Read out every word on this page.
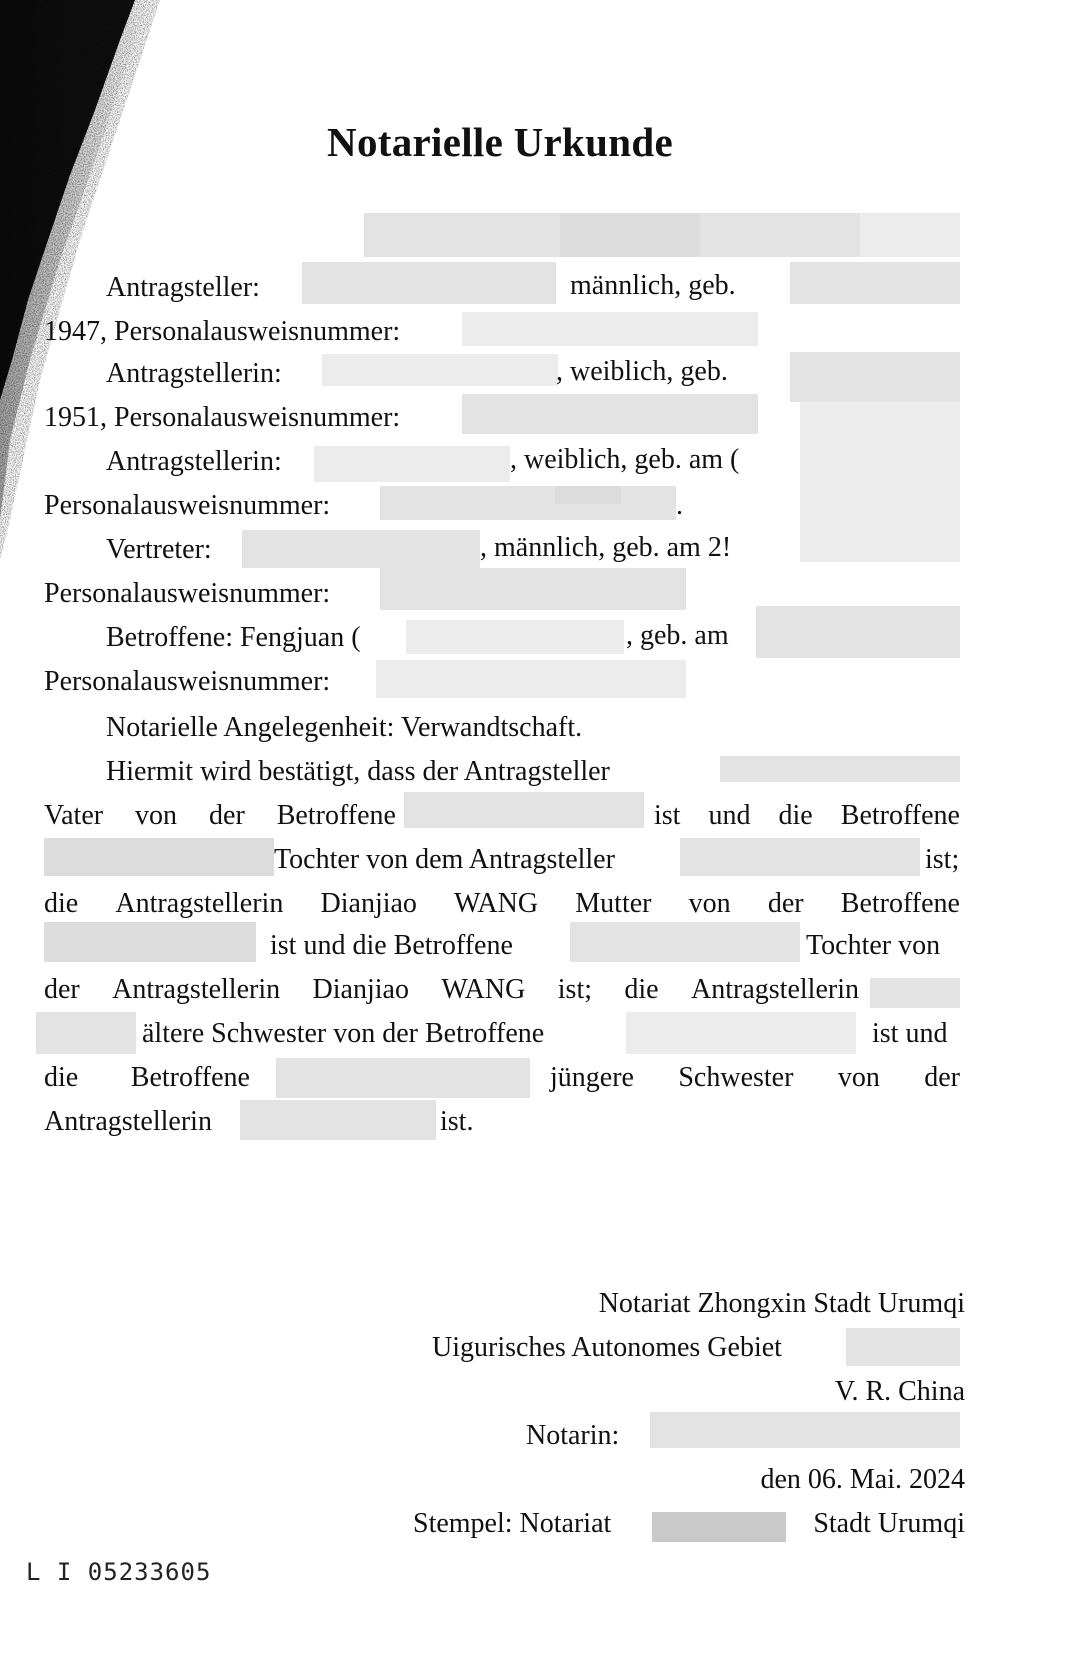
Notarielle Urkunde
Antragsteller:	männlich, geb.
1947, Personalausweisnummer:
Antragstellerin:	, weiblich, geb.
1951, Personalausweisnummer:
Antragstellerin:	, weiblich, geb. am (
Personalausweisnummer:	.
Vertreter:	, männlich, geb. am 2!
Personalausweisnummer:
Betroffene: Fengjuan (	, geb. am
Personalausweisnummer:
Notarielle Angelegenheit: Verwandtschaft.
Hiermit wird bestätigt, dass der Antragsteller
Vater von der Betroffene	ist und die Betroffene
Tochter von dem Antragsteller	ist;
die Antragstellerin Dianjiao WANG Mutter von der Betroffene
ist und die Betroffene	Tochter von
der Antragstellerin Dianjiao WANG ist; die Antragstellerin
ältere Schwester von der Betroffene	ist und
die Betroffene	jüngere Schwester von der
Antragstellerin	ist.
Notariat Zhongxin Stadt Urumqi
Uigurisches Autonomes Gebiet
V. R. China
Notarin:
den 06. Mai. 2024
Stempel: Notariat	Stadt Urumqi
L I 05233605
